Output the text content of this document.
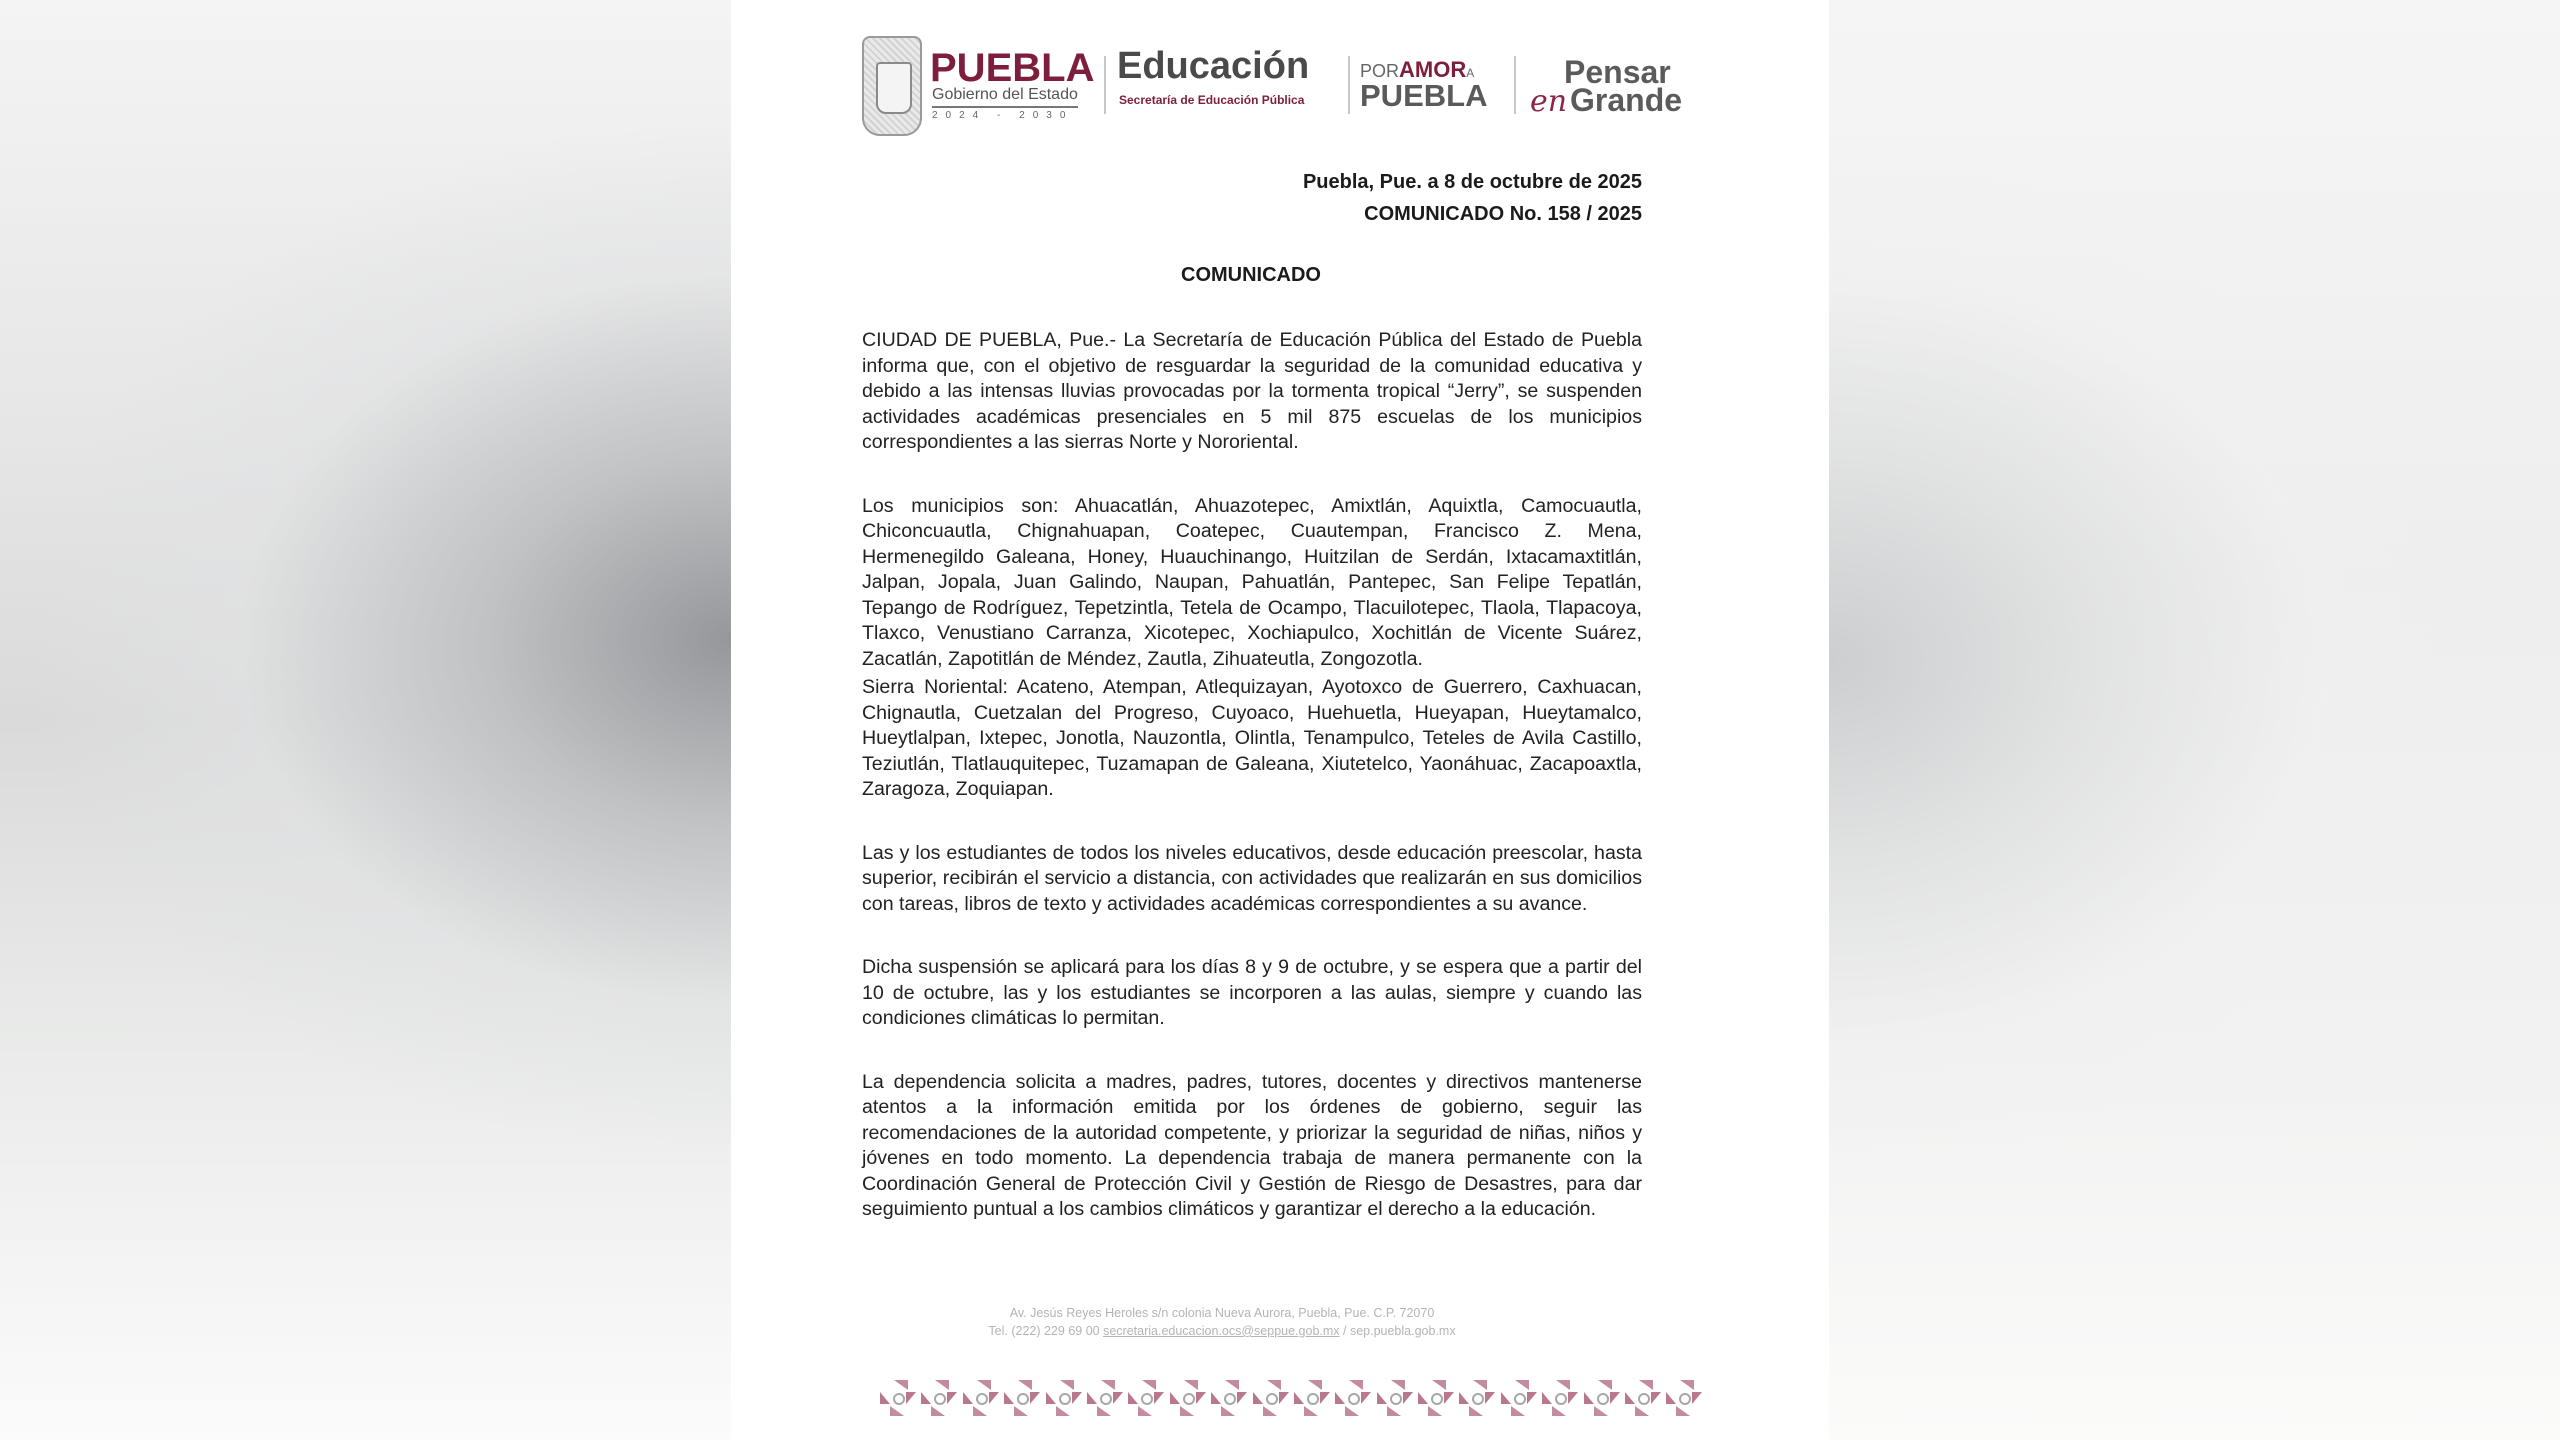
PUEBLA
Gobierno del Estado
2024 - 2030
Educación
Secretaría de Educación Pública
PORAMORA
PUEBLA
Pensar
en Grande
Puebla, Pue. a 8 de octubre de 2025
COMUNICADO No. 158 / 2025
COMUNICADO

CIUDAD DE PUEBLA, Pue.- La Secretaría de Educación Pública del Estado de Puebla informa que, con el objetivo de resguardar la seguridad de la comunidad educativa y debido a las intensas lluvias provocadas por la tormenta tropical “Jerry”, se suspenden actividades académicas presenciales en 5 mil 875 escuelas de los municipios correspondientes a las sierras Norte y Nororiental.

Los municipios son: Ahuacatlán, Ahuazotepec, Amixtlán, Aquixtla, Camocuautla, Chiconcuautla, Chignahuapan, Coatepec, Cuautempan, Francisco Z. Mena, Hermenegildo Galeana, Honey, Huauchinango, Huitzilan de Serdán, Ixtacamaxtitlán, Jalpan, Jopala, Juan Galindo, Naupan, Pahuatlán, Pantepec, San Felipe Tepatlán, Tepango de Rodríguez, Tepetzintla, Tetela de Ocampo, Tlacuilotepec, Tlaola, Tlapacoya, Tlaxco, Venustiano Carranza, Xicotepec, Xochiapulco, Xochitlán de Vicente Suárez, Zacatlán, Zapotitlán de Méndez, Zautla, Zihuateutla, Zongozotla.

Sierra Noriental: Acateno, Atempan, Atlequizayan, Ayotoxco de Guerrero, Caxhuacan, Chignautla, Cuetzalan del Progreso, Cuyoaco, Huehuetla, Hueyapan, Hueytamalco, Hueytlalpan, Ixtepec, Jonotla, Nauzontla, Olintla, Tenampulco, Teteles de Avila Castillo, Teziutlán, Tlatlauquitepec, Tuzamapan de Galeana, Xiutetelco, Yaonáhuac, Zacapoaxtla, Zaragoza, Zoquiapan.

Las y los estudiantes de todos los niveles educativos, desde educación preescolar, hasta superior, recibirán el servicio a distancia, con actividades que realizarán en sus domicilios con tareas, libros de texto y actividades académicas correspondientes a su avance.

Dicha suspensión se aplicará para los días 8 y 9 de octubre, y se espera que a partir del 10 de octubre, las y los estudiantes se incorporen a las aulas, siempre y cuando las condiciones climáticas lo permitan.

La dependencia solicita a madres, padres, tutores, docentes y directivos mantenerse atentos a la información emitida por los órdenes de gobierno, seguir las recomendaciones de la autoridad competente, y priorizar la seguridad de niñas, niños y jóvenes en todo momento. La dependencia trabaja de manera permanente con la Coordinación General de Protección Civil y Gestión de Riesgo de Desastres, para dar seguimiento puntual a los cambios climáticos y garantizar el derecho a la educación.

Av. Jesús Reyes Heroles s/n colonia Nueva Aurora, Puebla, Pue. C.P. 72070
Tel. (222) 229 69 00 secretaria.educacion.ocs@seppue.gob.mx / sep.puebla.gob.mx
